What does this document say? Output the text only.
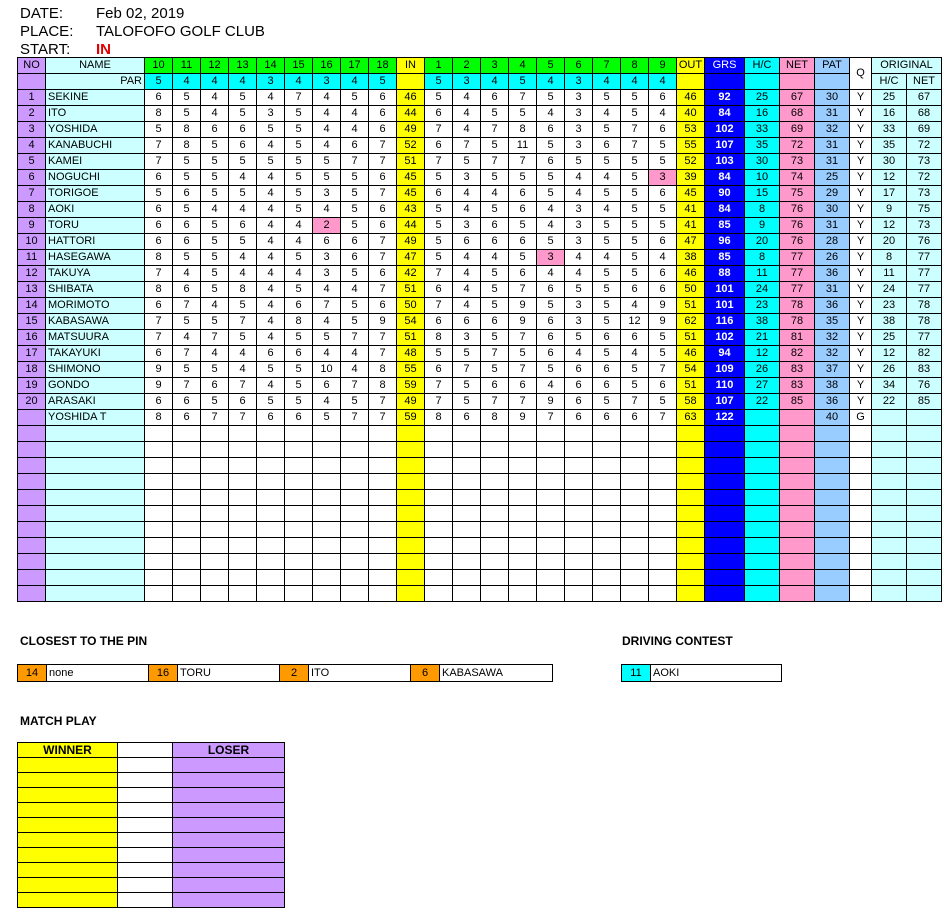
DATE: Feb 02, 2019
PLACE: TALOFOFO GOLF CLUB
START: IN
NO	NAME	10	11	12	13	14	15	16	17	18	IN	1	2	3	4	5	6	7	8	9	OUT	GRS	H/C	NET	PAT	Q	ORIGINAL	
	PAR	5	4	4	4	3	4	3	4	5		5	3	4	5	4	3	4	4	4							H/C	NET
1	SEKINE	6	5	4	5	4	7	4	5	6	46	5	4	6	7	5	3	5	5	6	46	92	25	67	30	Y	25	67
2	ITO	8	5	4	5	3	5	4	4	6	44	6	4	5	5	4	3	4	5	4	40	84	16	68	31	Y	16	68
3	YOSHIDA	5	8	6	6	5	5	4	4	6	49	7	4	7	8	6	3	5	7	6	53	102	33	69	32	Y	33	69
4	KANABUCHI	7	8	5	6	4	5	4	6	7	52	6	7	5	11	5	3	6	7	5	55	107	35	72	31	Y	35	72
5	KAMEI	7	5	5	5	5	5	5	7	7	51	7	5	7	7	6	5	5	5	5	52	103	30	73	31	Y	30	73
6	NOGUCHI	6	5	5	4	4	5	5	5	6	45	5	3	5	5	5	4	4	5	3	39	84	10	74	25	Y	12	72
7	TORIGOE	5	6	5	5	4	5	3	5	7	45	6	4	4	6	5	4	5	5	6	45	90	15	75	29	Y	17	73
8	AOKI	6	5	4	4	4	5	4	5	6	43	5	4	5	6	4	3	4	5	5	41	84	8	76	30	Y	9	75
9	TORU	6	6	5	6	4	4	2	5	6	44	5	3	6	5	4	3	5	5	5	41	85	9	76	31	Y	12	73
10	HATTORI	6	6	5	5	4	4	6	6	7	49	5	6	6	6	5	3	5	5	6	47	96	20	76	28	Y	20	76
11	HASEGAWA	8	5	5	4	4	5	3	6	7	47	5	4	4	5	3	4	4	5	4	38	85	8	77	26	Y	8	77
12	TAKUYA	7	4	5	4	4	4	3	5	6	42	7	4	5	6	4	4	5	5	6	46	88	11	77	36	Y	11	77
13	SHIBATA	8	6	5	8	4	5	4	4	7	51	6	4	5	7	6	5	5	6	6	50	101	24	77	31	Y	24	77
14	MORIMOTO	6	7	4	5	4	6	7	5	6	50	7	4	5	9	5	3	5	4	9	51	101	23	78	36	Y	23	78
15	KABASAWA	7	5	5	7	4	8	4	5	9	54	6	6	6	9	6	3	5	12	9	62	116	38	78	35	Y	38	78
16	MATSUURA	7	4	7	5	4	5	5	7	7	51	8	3	5	7	6	5	6	6	5	51	102	21	81	32	Y	25	77
17	TAKAYUKI	6	7	4	4	6	6	4	4	7	48	5	5	7	5	6	4	5	4	5	46	94	12	82	32	Y	12	82
18	SHIMONO	9	5	5	4	5	5	10	4	8	55	6	7	5	7	5	6	6	5	7	54	109	26	83	37	Y	26	83
19	GONDO	9	7	6	7	4	5	6	7	8	59	7	5	6	6	4	6	6	5	6	51	110	27	83	38	Y	34	76
20	ARASAKI	6	6	5	6	5	5	4	5	7	49	7	5	7	7	9	6	5	7	5	58	107	22	85	36	Y	22	85
	YOSHIDA T	8	6	7	7	6	6	5	7	7	59	8	6	8	9	7	6	6	6	7	63	122			40	G		

CLOSEST TO THE PIN
14 none	16 TORU	2	ITO	6	KABASAWA
DRIVING CONTEST
11	AOKI
MATCH PLAY
WINNER		LOSER
